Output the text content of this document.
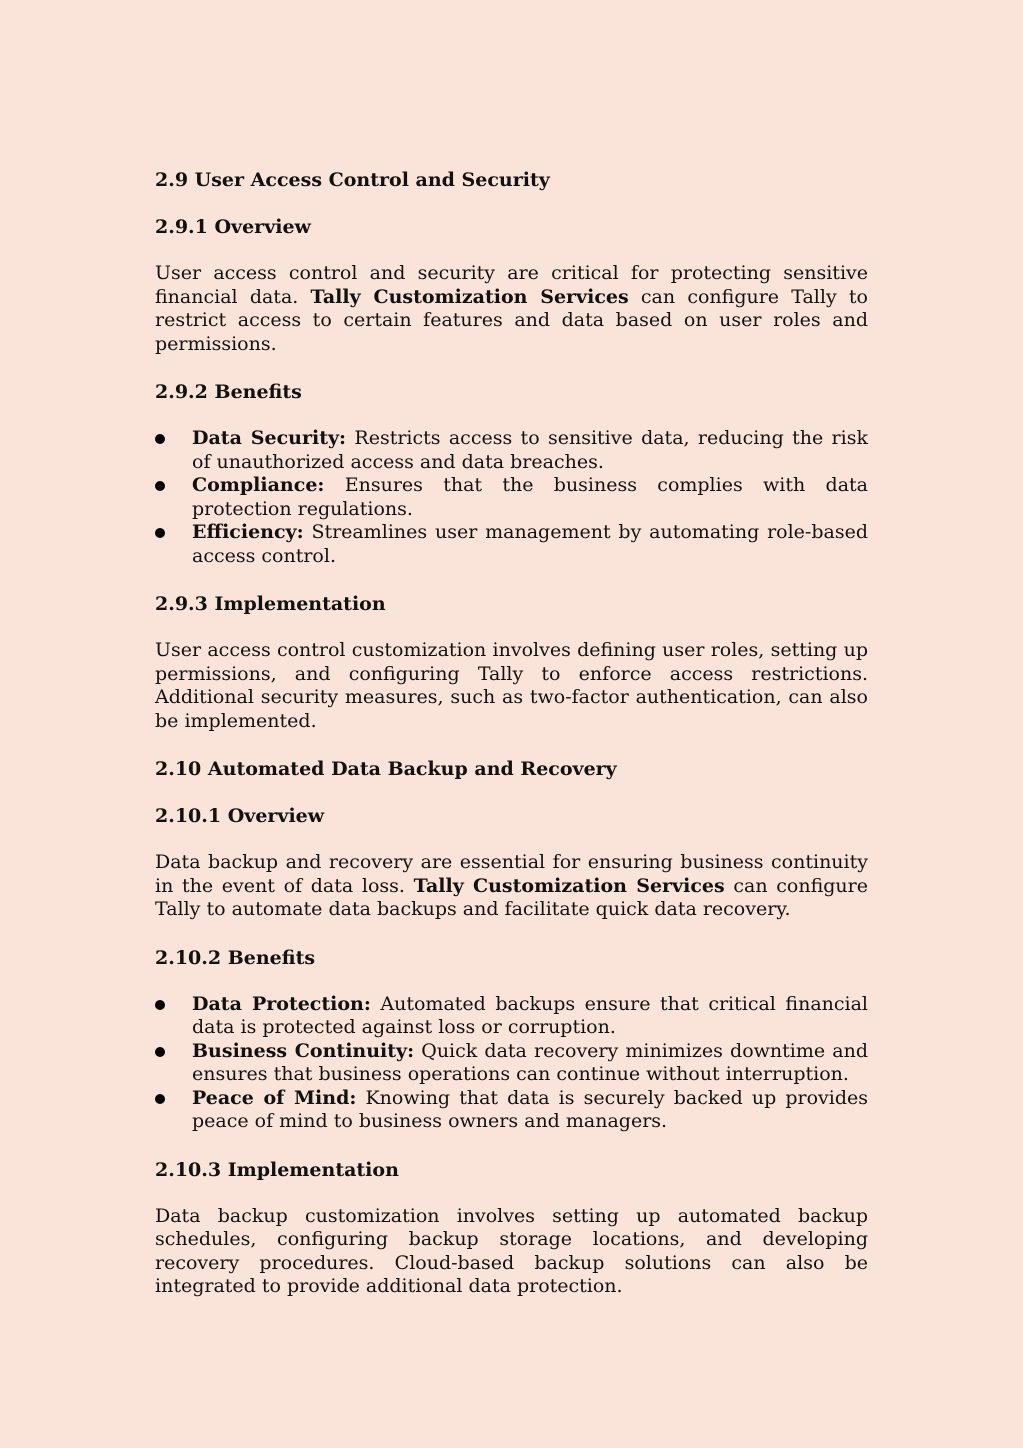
2.9 User Access Control and Security
2.9.1 Overview
User access control and security are critical for protecting sensitive financial data. Tally Customization Services can configure Tally to restrict access to certain features and data based on user roles and permissions.
2.9.2 Benefits
Data Security: Restricts access to sensitive data, reducing the risk of unauthorized access and data breaches.
Compliance: Ensures that the business complies with data protection regulations.
Efficiency: Streamlines user management by automating role-based access control.
2.9.3 Implementation
User access control customization involves defining user roles, setting up permissions, and configuring Tally to enforce access restrictions. Additional security measures, such as two-factor authentication, can also be implemented.
2.10 Automated Data Backup and Recovery
2.10.1 Overview
Data backup and recovery are essential for ensuring business continuity in the event of data loss. Tally Customization Services can configure Tally to automate data backups and facilitate quick data recovery.
2.10.2 Benefits
Data Protection: Automated backups ensure that critical financial data is protected against loss or corruption.
Business Continuity: Quick data recovery minimizes downtime and ensures that business operations can continue without interruption.
Peace of Mind: Knowing that data is securely backed up provides peace of mind to business owners and managers.
2.10.3 Implementation
Data backup customization involves setting up automated backup schedules, configuring backup storage locations, and developing recovery procedures. Cloud-based backup solutions can also be integrated to provide additional data protection.
